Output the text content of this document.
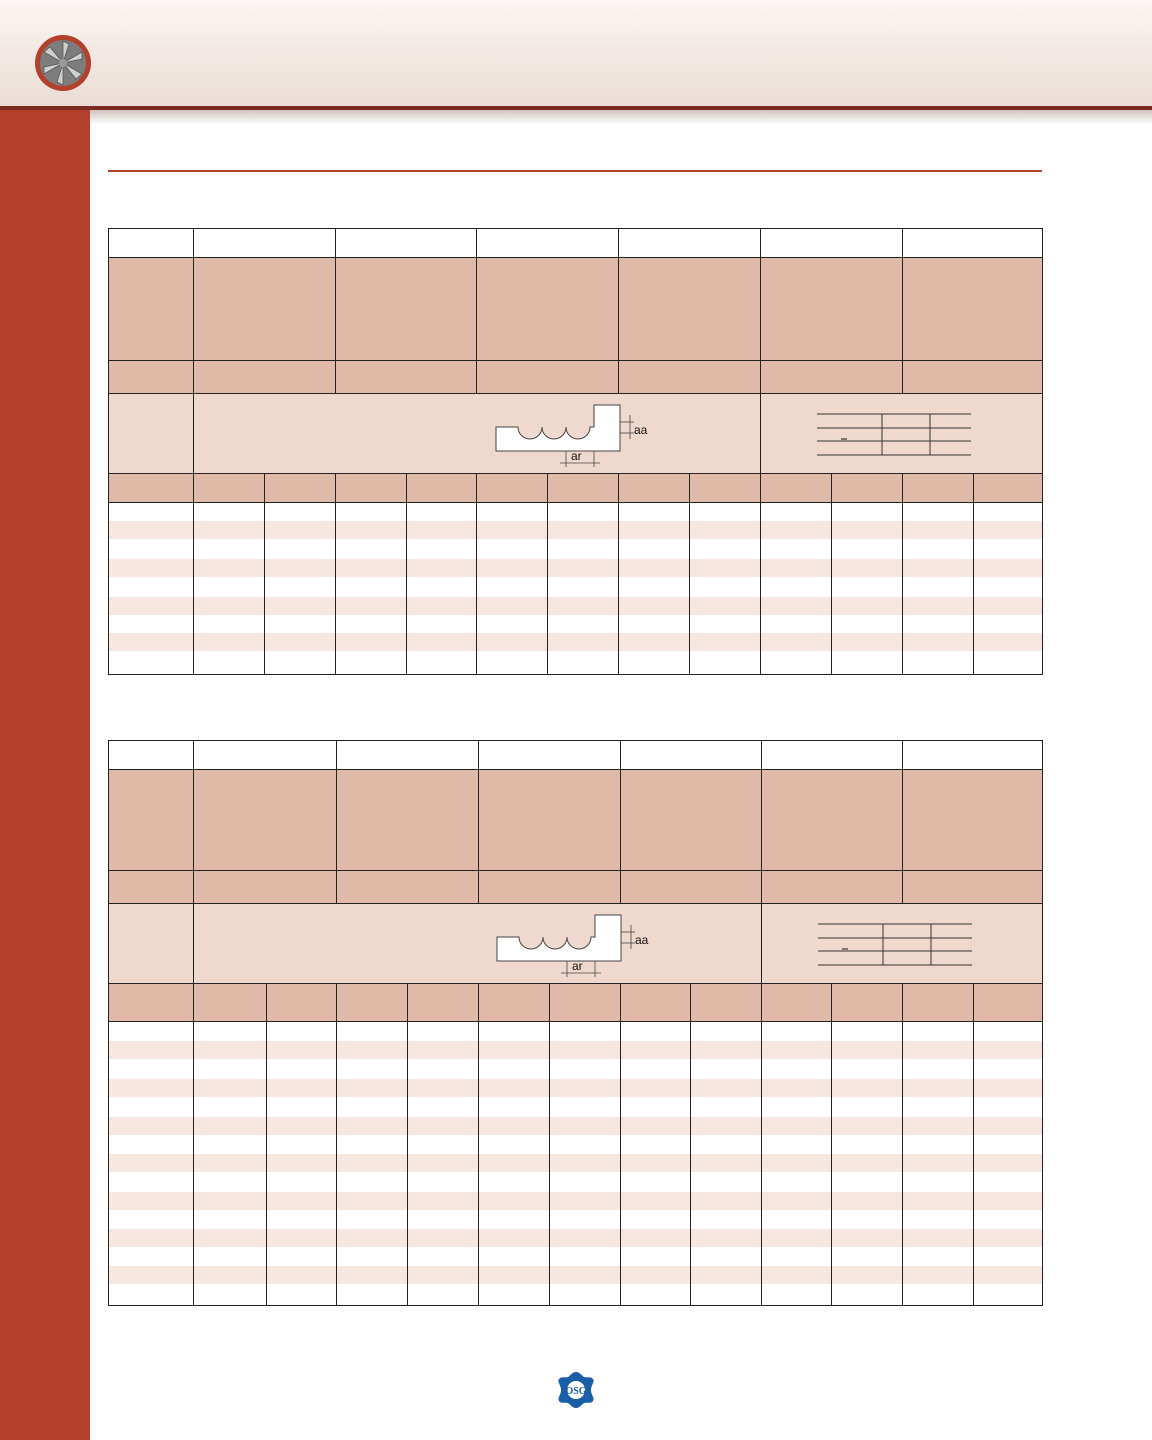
aa
ar
aa
ar
OSG
